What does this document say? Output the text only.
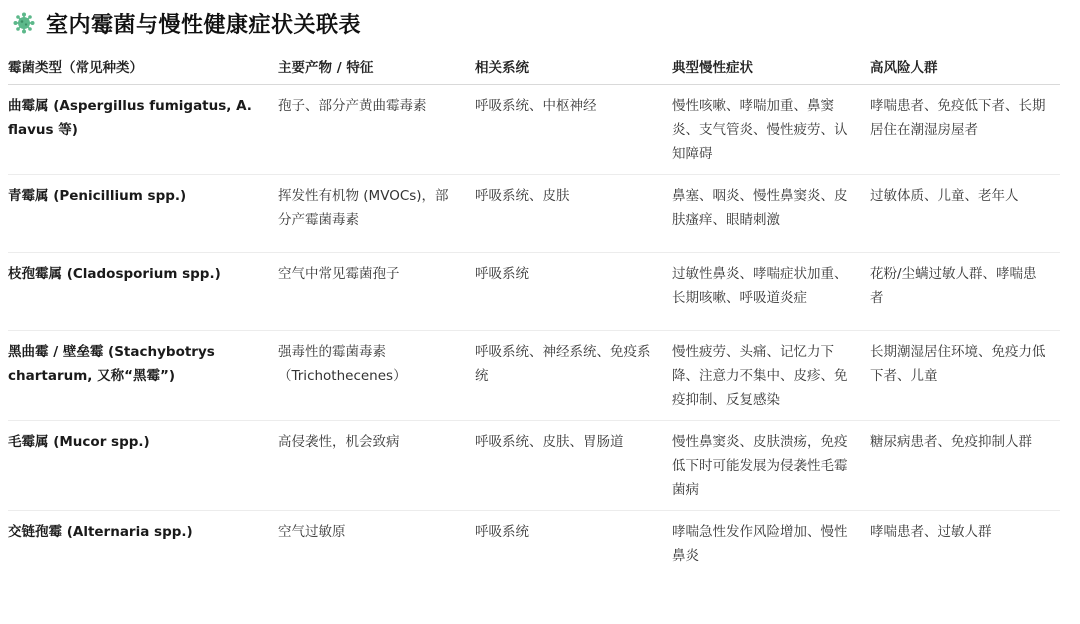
室内霉菌与慢性健康症状关联表
霉菌类型（常见种类）	主要产物 / 特征	相关系统	典型慢性症状	高风险人群
曲霉属 (Aspergillus fumigatus, A. flavus 等)	孢子、部分产黄曲霉毒素	呼吸系统、中枢神经	慢性咳嗽、哮喘加重、鼻窦炎、支气管炎、慢性疲劳、认知障碍	哮喘患者、免疫低下者、长期居住在潮湿房屋者
青霉属 (Penicillium spp.)	挥发性有机物 (MVOCs)，部分产霉菌毒素	呼吸系统、皮肤	鼻塞、咽炎、慢性鼻窦炎、皮肤瘙痒、眼睛刺激	过敏体质、儿童、老年人
枝孢霉属 (Cladosporium spp.)	空气中常见霉菌孢子	呼吸系统	过敏性鼻炎、哮喘症状加重、长期咳嗽、呼吸道炎症	花粉/尘螨过敏人群、哮喘患者
黑曲霉 / 壁垒霉 (Stachybotrys chartarum, 又称“黑霉”)	强毒性的霉菌毒素（Trichothecenes）	呼吸系统、神经系统、免疫系统	慢性疲劳、头痛、记忆力下降、注意力不集中、皮疹、免疫抑制、反复感染	长期潮湿居住环境、免疫力低下者、儿童
毛霉属 (Mucor spp.)	高侵袭性，机会致病	呼吸系统、皮肤、胃肠道	慢性鼻窦炎、皮肤溃疡，免疫低下时可能发展为侵袭性毛霉菌病	糖尿病患者、免疫抑制人群
交链孢霉 (Alternaria spp.)	空气过敏原	呼吸系统	哮喘急性发作风险增加、慢性鼻炎	哮喘患者、过敏人群
